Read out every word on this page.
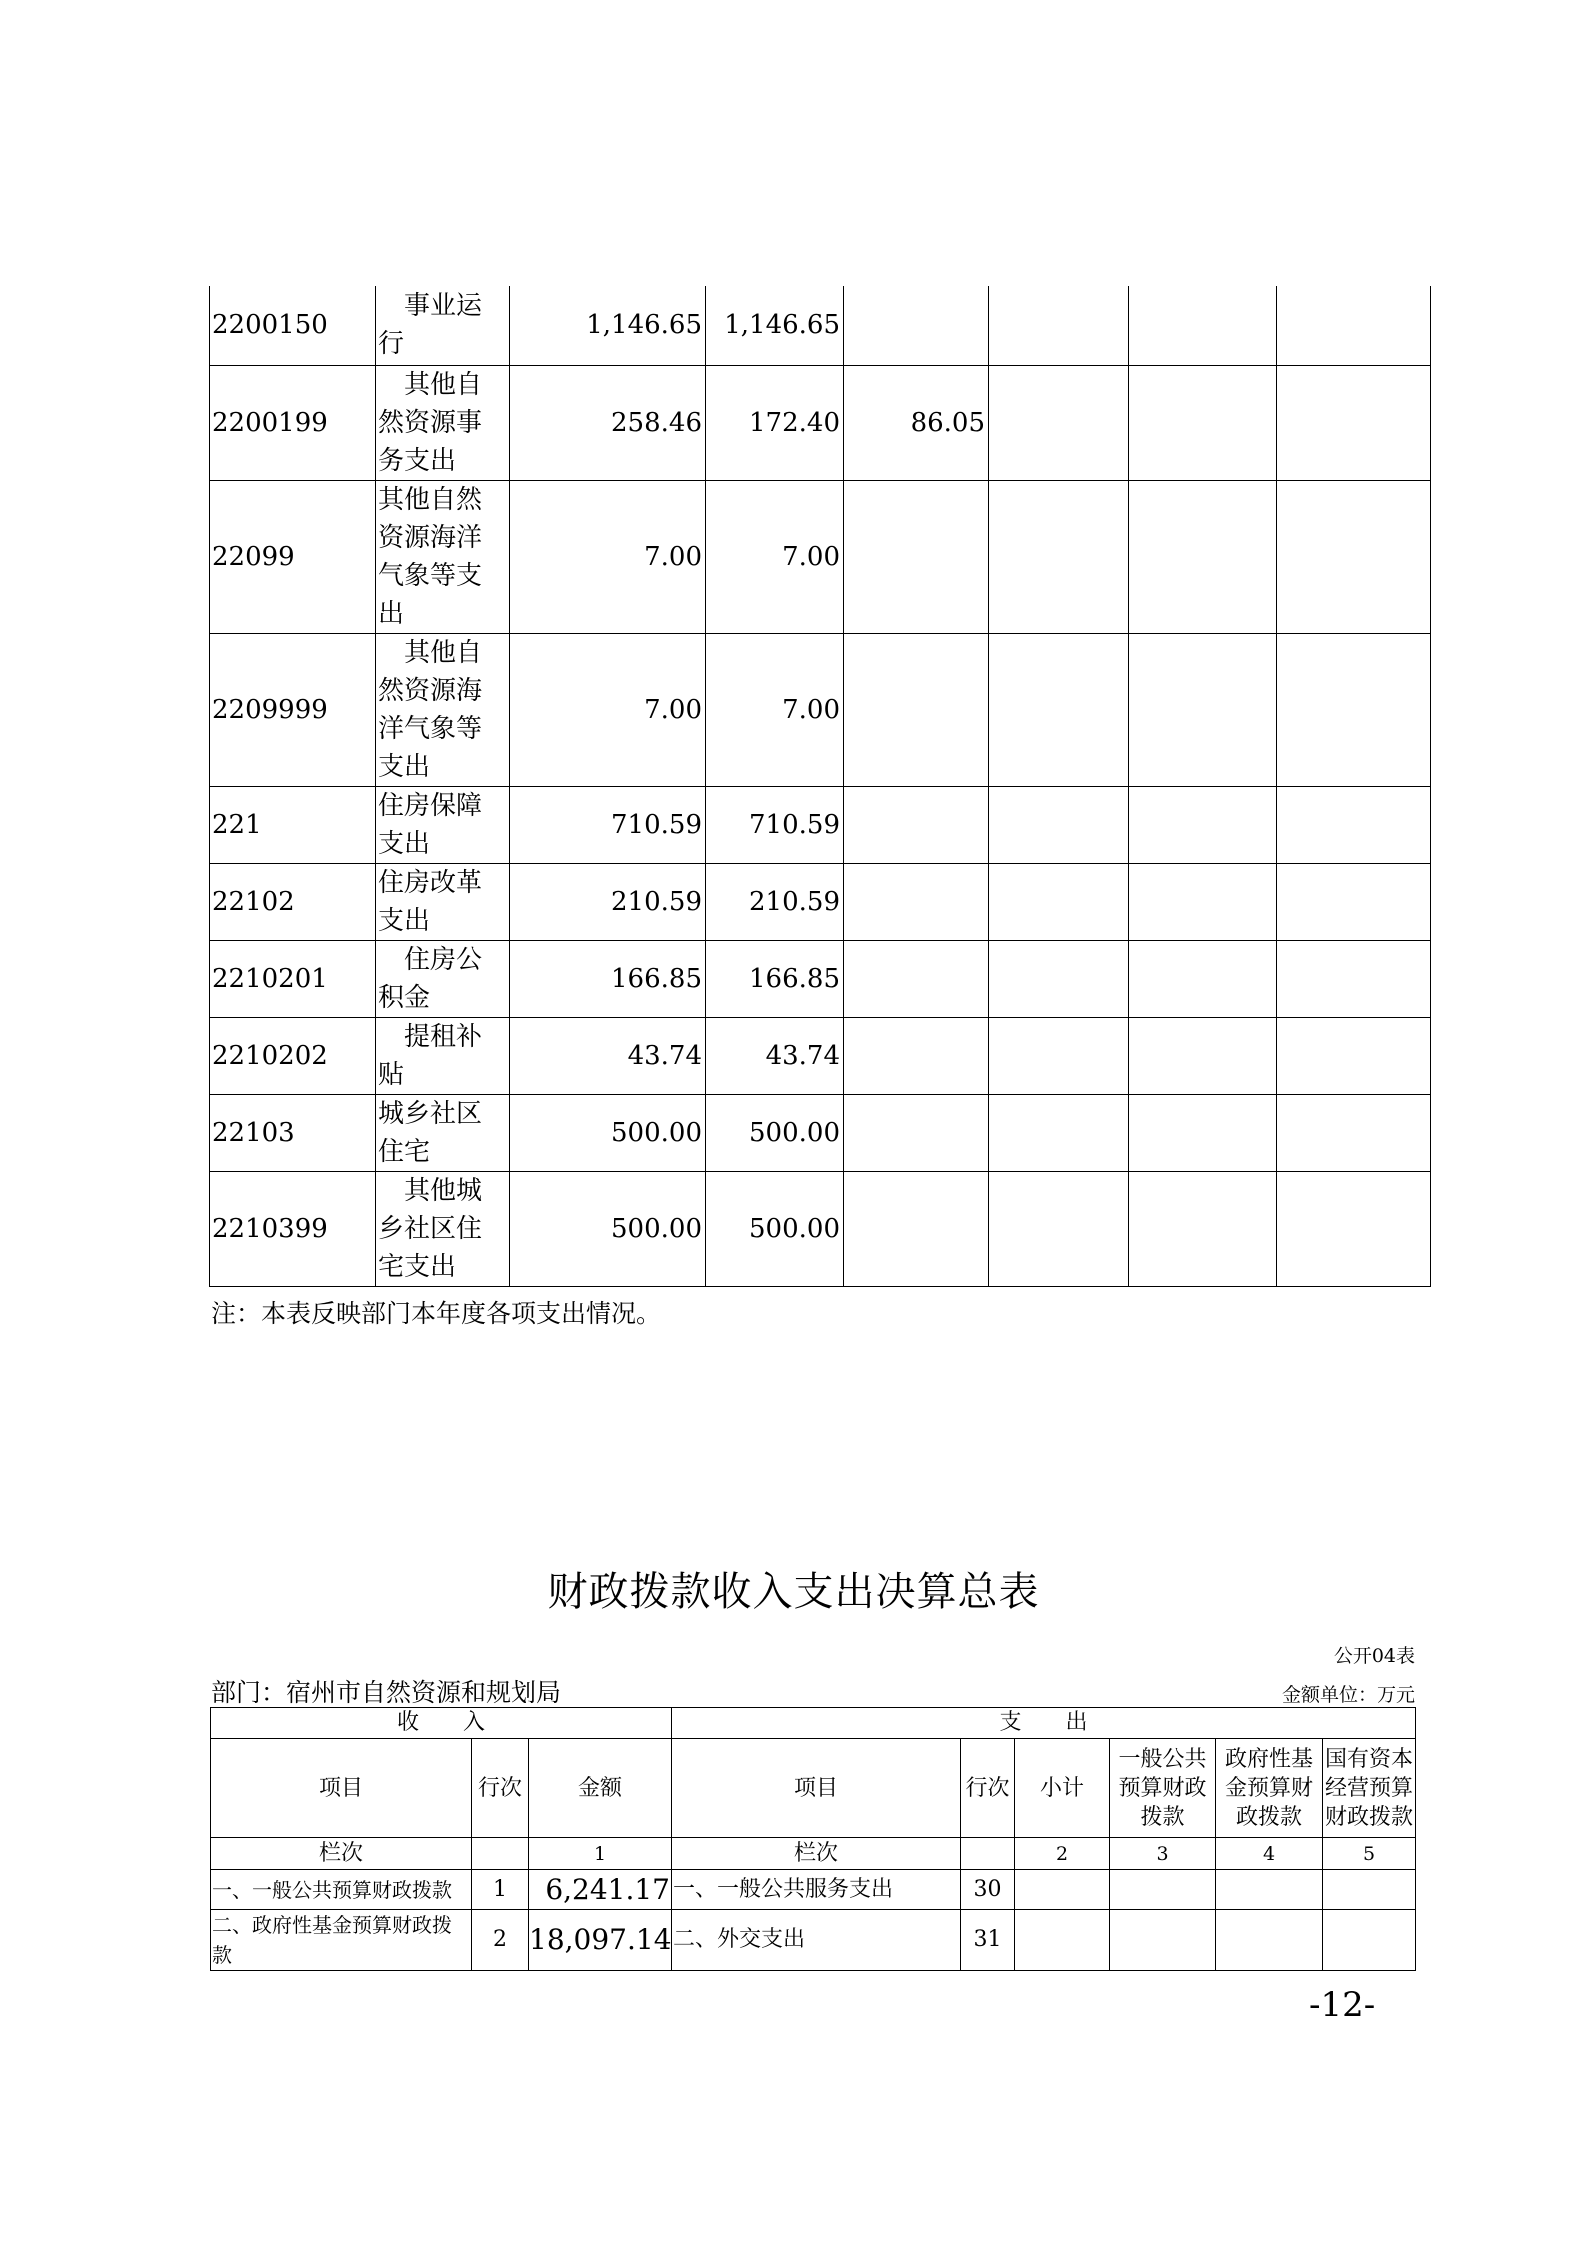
2200150	　事业运行	1,146.65	1,146.65				
2200199	　其他自然资源事务支出	258.46	172.40	86.05			
22099	其他自然资源海洋气象等支出	7.00	7.00				
2209999	　其他自然资源海洋气象等支出	7.00	7.00				
221	住房保障支出	710.59	710.59				
22102	住房改革支出	210.59	210.59				
2210201	　住房公积金	166.85	166.85				
2210202	　提租补贴	43.74	43.74				
22103	城乡社区住宅	500.00	500.00				
2210399	　其他城乡社区住宅支出	500.00	500.00				
注：本表反映部门本年度各项支出情况。
财政拨款收入支出决算总表
公开04表
部门：宿州市自然资源和规划局	金额单位：万元
收　　入			支　　出					
项目	行次	金额	项目	行次	小计	一般公共预算财政拨款	政府性基金预算财政拨款	国有资本经营预算财政拨款
栏次		1	栏次		2	3	4	5
一、一般公共预算财政拨款	1	6,241.17	一、一般公共服务支出	30				
二、政府性基金预算财政拨款	2	18,097.14	二、外交支出	31				
-12-
